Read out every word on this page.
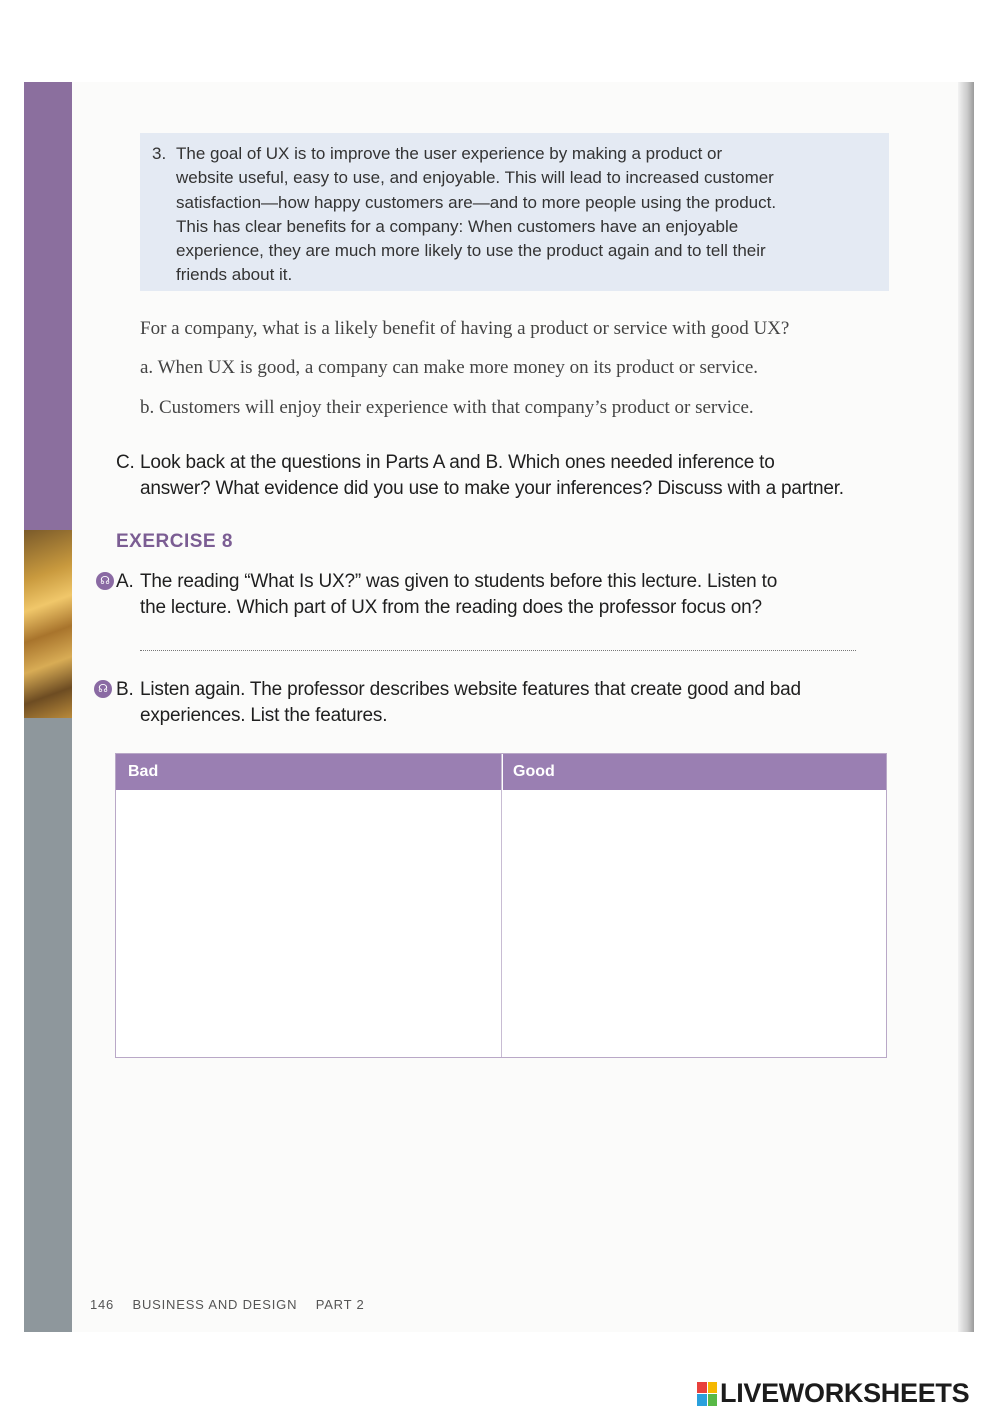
3. The goal of UX is to improve the user experience by making a product or
website useful, easy to use, and enjoyable. This will lead to increased customer
satisfaction—how happy customers are—and to more people using the product.
This has clear benefits for a company: When customers have an enjoyable
experience, they are much more likely to use the product again and to tell their
friends about it.
For a company, what is a likely benefit of having a product or service with good UX?
a. When UX is good, a company can make more money on its product or service.
b. Customers will enjoy their experience with that company’s product or service.
C. Look back at the questions in Parts A and B. Which ones needed inference to
answer? What evidence did you use to make your inferences? Discuss with a partner.
EXERCISE 8
☊ A. The reading “What Is UX?” was given to students before this lecture. Listen to
the lecture. Which part of UX from the reading does the professor focus on?
☊ B. Listen again. The professor describes website features that create good and bad
experiences. List the features.
Bad	Good
146 BUSINESS AND DESIGN PART 2
LIVEWORKSHEETS
